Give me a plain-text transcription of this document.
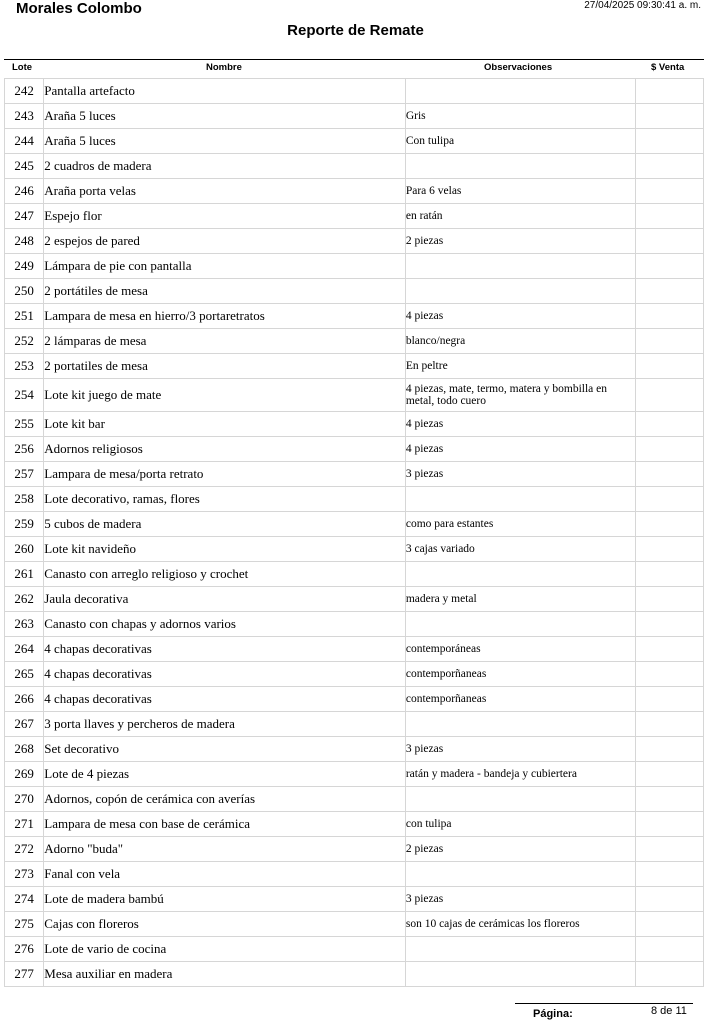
Morales Colombo	27/04/2025 09:30:41 a. m.
Reporte de Remate
Lote	Nombre	Observaciones	$ Venta
242	Pantalla artefacto		
243	Araña 5 luces	Gris	
244	Araña 5 luces	Con tulipa	
245	2 cuadros de madera		
246	Araña porta velas	Para 6 velas	
247	Espejo flor	en ratán	
248	2 espejos de pared	2 piezas	
249	Lámpara de pie con pantalla		
250	2 portátiles de mesa		
251	Lampara de mesa en hierro/3 portaretratos	4 piezas	
252	2 lámparas de mesa	blanco/negra	
253	2 portatiles de mesa	En peltre	
254	Lote kit juego de mate	4 piezas, mate, termo, matera y bombilla en metal, todo cuero	
255	Lote kit bar	4 piezas	
256	Adornos religiosos	4 piezas	
257	Lampara de mesa/porta retrato	3 piezas	
258	Lote decorativo, ramas, flores		
259	5 cubos de madera	como para estantes	
260	Lote kit navideño	3 cajas variado	
261	Canasto con arreglo religioso y crochet		
262	Jaula decorativa	madera y metal	
263	Canasto con chapas y adornos varios		
264	4 chapas decorativas	contemporáneas	
265	4 chapas decorativas	contemporñaneas	
266	4 chapas decorativas	contemporñaneas	
267	3 porta llaves y percheros de madera		
268	Set decorativo	3 piezas	
269	Lote de 4 piezas	ratán y madera - bandeja y cubiertera	
270	Adornos, copón de cerámica con averías		
271	Lampara de mesa con base de cerámica	con tulipa	
272	Adorno "buda"	2 piezas	
273	Fanal con vela		
274	Lote de madera bambú	3 piezas	
275	Cajas con floreros	son 10 cajas de cerámicas los floreros	
276	Lote de vario de cocina		
277	Mesa auxiliar en madera		
Página:	8 de 11
